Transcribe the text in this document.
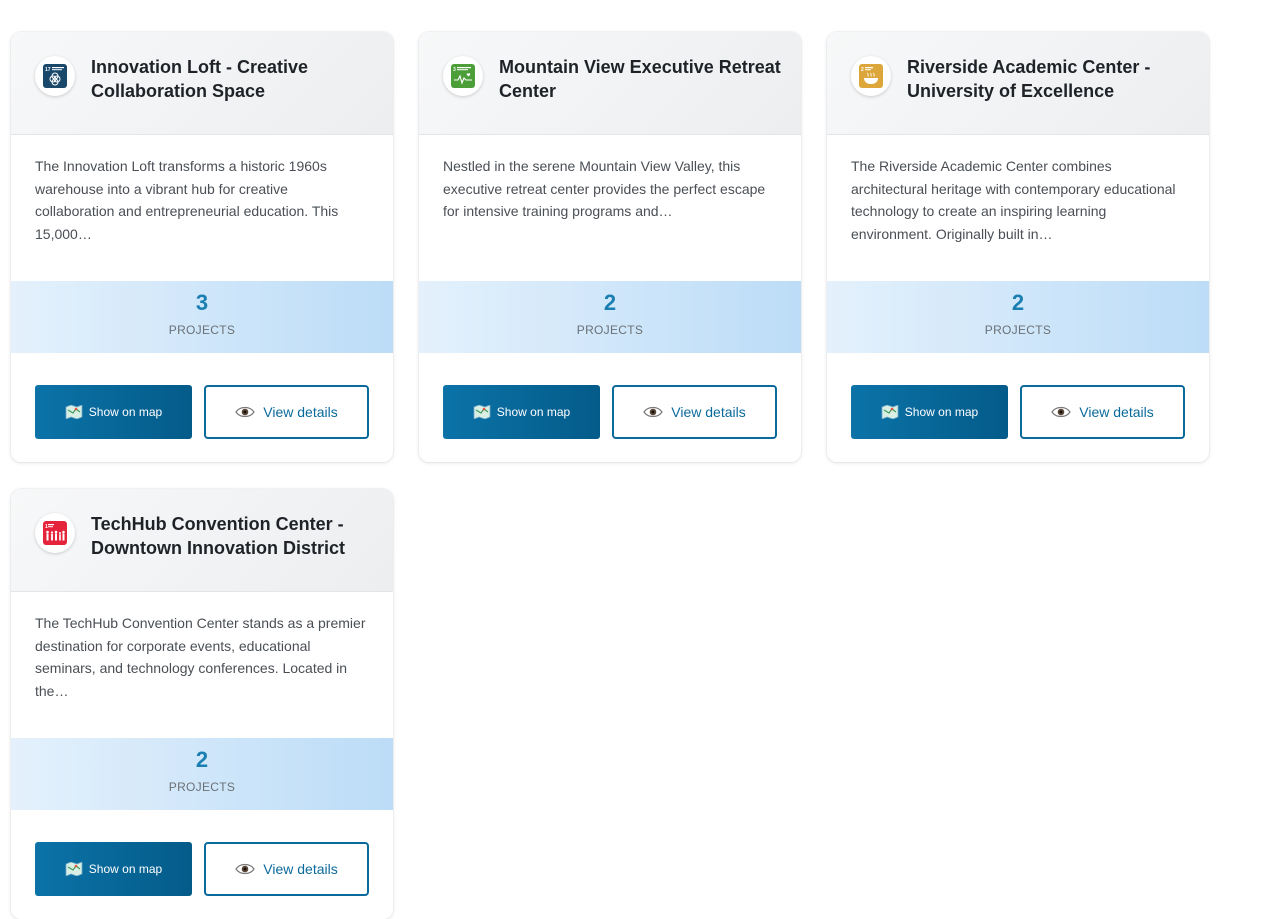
17 Innovation Loft - Creative Collaboration Space

The Innovation Loft transforms a historic 1960s warehouse into a vibrant hub for creative collaboration and entrepreneurial education. This 15,000…

3
PROJECTS
Show on map	View details
3 Mountain View Executive Retreat Center

Nestled in the serene Mountain View Valley, this executive retreat center provides the perfect escape for intensive training programs and…

2
PROJECTS
Show on map	View details
2 Riverside Academic Center - University of Excellence

The Riverside Academic Center combines architectural heritage with contemporary educational technology to create an inspiring learning environment. Originally built in…

2
PROJECTS
Show on map	View details
1 TechHub Convention Center - Downtown Innovation District

The TechHub Convention Center stands as a premier destination for corporate events, educational seminars, and technology conferences. Located in the…

2
PROJECTS
Show on map	View details
